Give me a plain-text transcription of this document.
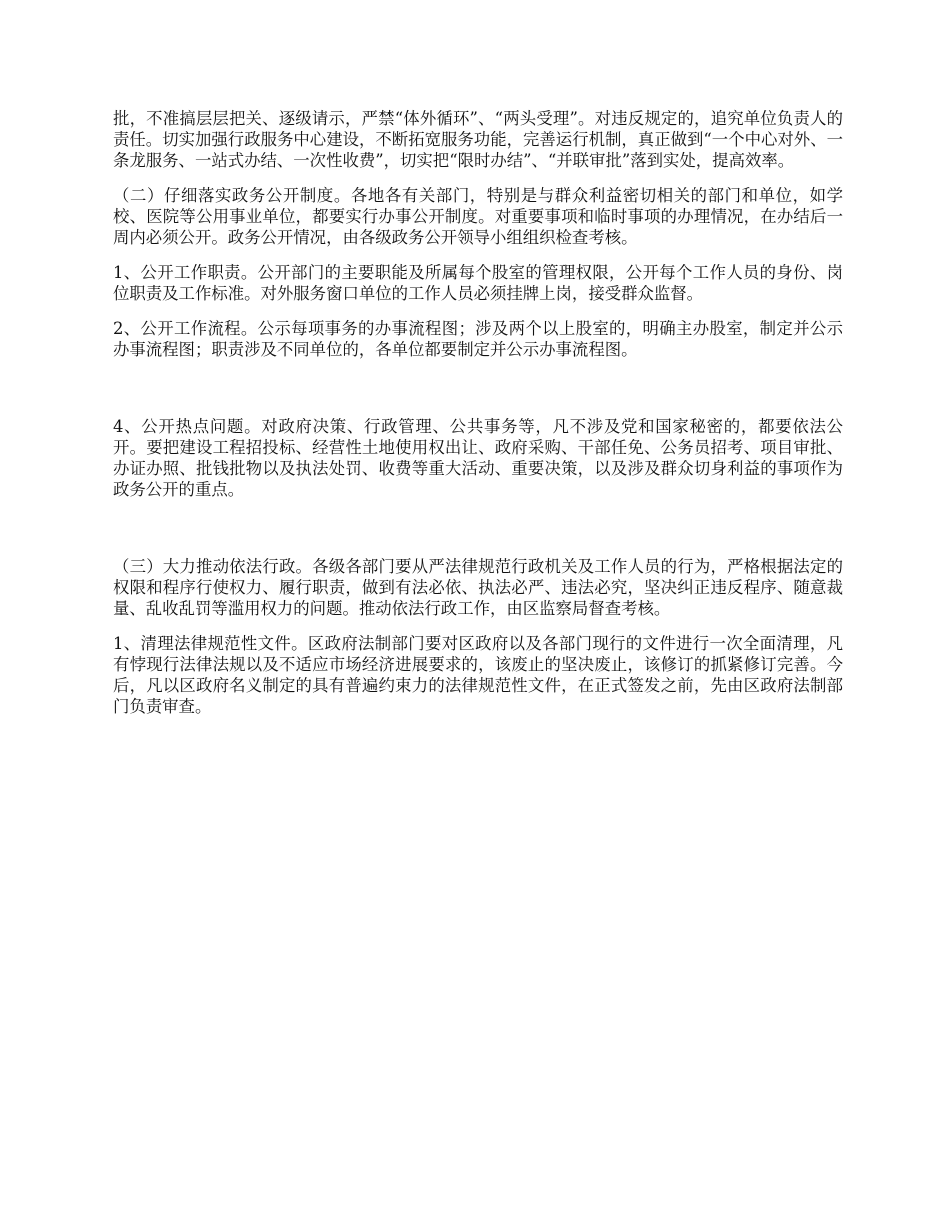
批，不准搞层层把关、逐级请示，严禁“体外循环”、“两头受理”。对违反规定的，追究单位负责人的责任。切实加强行政服务中心建设，不断拓宽服务功能，完善运行机制，真正做到“一个中心对外、一条龙服务、一站式办结、一次性收费”，切实把“限时办结”、“并联审批”落到实处，提高效率。

（二）仔细落实政务公开制度。各地各有关部门，特别是与群众利益密切相关的部门和单位，如学校、医院等公用事业单位，都要实行办事公开制度。对重要事项和临时事项的办理情况，在办结后一周内必须公开。政务公开情况，由各级政务公开领导小组组织检查考核。

1、公开工作职责。公开部门的主要职能及所属每个股室的管理权限，公开每个工作人员的身份、岗位职责及工作标准。对外服务窗口单位的工作人员必须挂牌上岗，接受群众监督。

2、公开工作流程。公示每项事务的办事流程图；涉及两个以上股室的，明确主办股室，制定并公示办事流程图；职责涉及不同单位的，各单位都要制定并公示办事流程图。

4、公开热点问题。对政府决策、行政管理、公共事务等，凡不涉及党和国家秘密的，都要依法公开。要把建设工程招投标、经营性土地使用权出让、政府采购、干部任免、公务员招考、项目审批、办证办照、批钱批物以及执法处罚、收费等重大活动、重要决策，以及涉及群众切身利益的事项作为政务公开的重点。

（三）大力推动依法行政。各级各部门要从严法律规范行政机关及工作人员的行为，严格根据法定的权限和程序行使权力、履行职责，做到有法必依、执法必严、违法必究，坚决纠正违反程序、随意裁量、乱收乱罚等滥用权力的问题。推动依法行政工作，由区监察局督查考核。

1、清理法律规范性文件。区政府法制部门要对区政府以及各部门现行的文件进行一次全面清理，凡有悖现行法律法规以及不适应市场经济进展要求的，该废止的坚决废止，该修订的抓紧修订完善。今后，凡以区政府名义制定的具有普遍约束力的法律规范性文件，在正式签发之前，先由区政府法制部门负责审查。
